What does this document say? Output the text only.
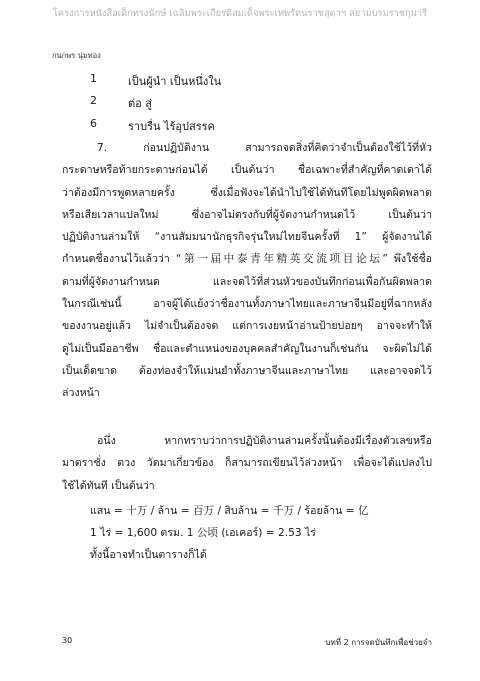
โครงการหนังสือเด็กทรงนักษ์ เฉลิมพระเกียรติสมเด็จพระเทพรัตนราชสุดาฯ สยามบรมราชกุมารี
กนกพร นุ่มทอง
1	เป็นผู้นำ เป็นหนึ่งใน
2	ต่อ สู่
6	ราบรื่น ไร้อุปสรรค

7. ก่อนปฏิบัติงาน สามารถจดสิ่งที่คิดว่าจำเป็นต้องใช้ไว้ที่หัว
กระดาษหรือท้ายกระดาษก่อนได้ เป็นต้นว่า ชื่อเฉพาะที่สำคัญที่คาดเดาได้
ว่าต้องมีการพูดหลายครั้ง ซึ่งเมื่อฟังจะได้นำไปใช้ได้ทันทีโดยไม่พูดผิดพลาด
หรือเสียเวลาแปลใหม่ ซึ่งอาจไม่ตรงกับที่ผู้จัดงานกำหนดไว้ เป็นต้นว่า
ปฏิบัติงานล่ามให้ “งานสัมมนานักธุรกิจรุ่นใหม่ไทยจีนครั้งที่ 1” ผู้จัดงานได้
กำหนดชื่องานไว้แล้วว่า “第一届中泰青年精英交流项目论坛” พึงใช้ชื่อ
ตามที่ผู้จัดงานกำหนด และจดไว้ที่ส่วนหัวของบันทึกก่อนเพื่อกันผิดพลาด
ในกรณีเช่นนี้ อาจผู้ได้แย้งว่าชื่องานทั้งภาษาไทยและภาษาจีนมีอยู่ที่ฉากหลัง
ของงานอยู่แล้ว ไม่จำเป็นต้องจด แต่การเงยหน้าอ่านป้ายบ่อยๆ อาจจะทำให้
ดูไม่เป็นมืออาชีพ ชื่อและตำแหน่งของบุคคลสำคัญในงานก็เช่นกัน จะผิดไม่ได้
เป็นเด็ดขาด ต้องท่องจำให้แม่นยำทั้งภาษาจีนและภาษาไทย และอาจจดไว้
ล่วงหน้า

อนึ่ง หากทราบว่าการปฏิบัติงานล่ามครั้งนั้นต้องมีเรื่องตัวเลขหรือ
มาตราชั่ง ตวง วัดมาเกี่ยวข้อง ก็สามารถเขียนไว้ล่วงหน้า เพื่อจะได้แปลงไป
ใช้ได้ทันที เป็นต้นว่า

แสน = 十万 / ล้าน = 百万 / สิบล้าน = 千万 / ร้อยล้าน = 亿
1 ไร่ = 1,600 ตรม. 1 公顷 (เอเคอร์) = 2.53 ไร่
ทั้งนี้อาจทำเป็นตารางก็ได้
30	บทที่ 2 การจดบันทึกเพื่อช่วยจำ
